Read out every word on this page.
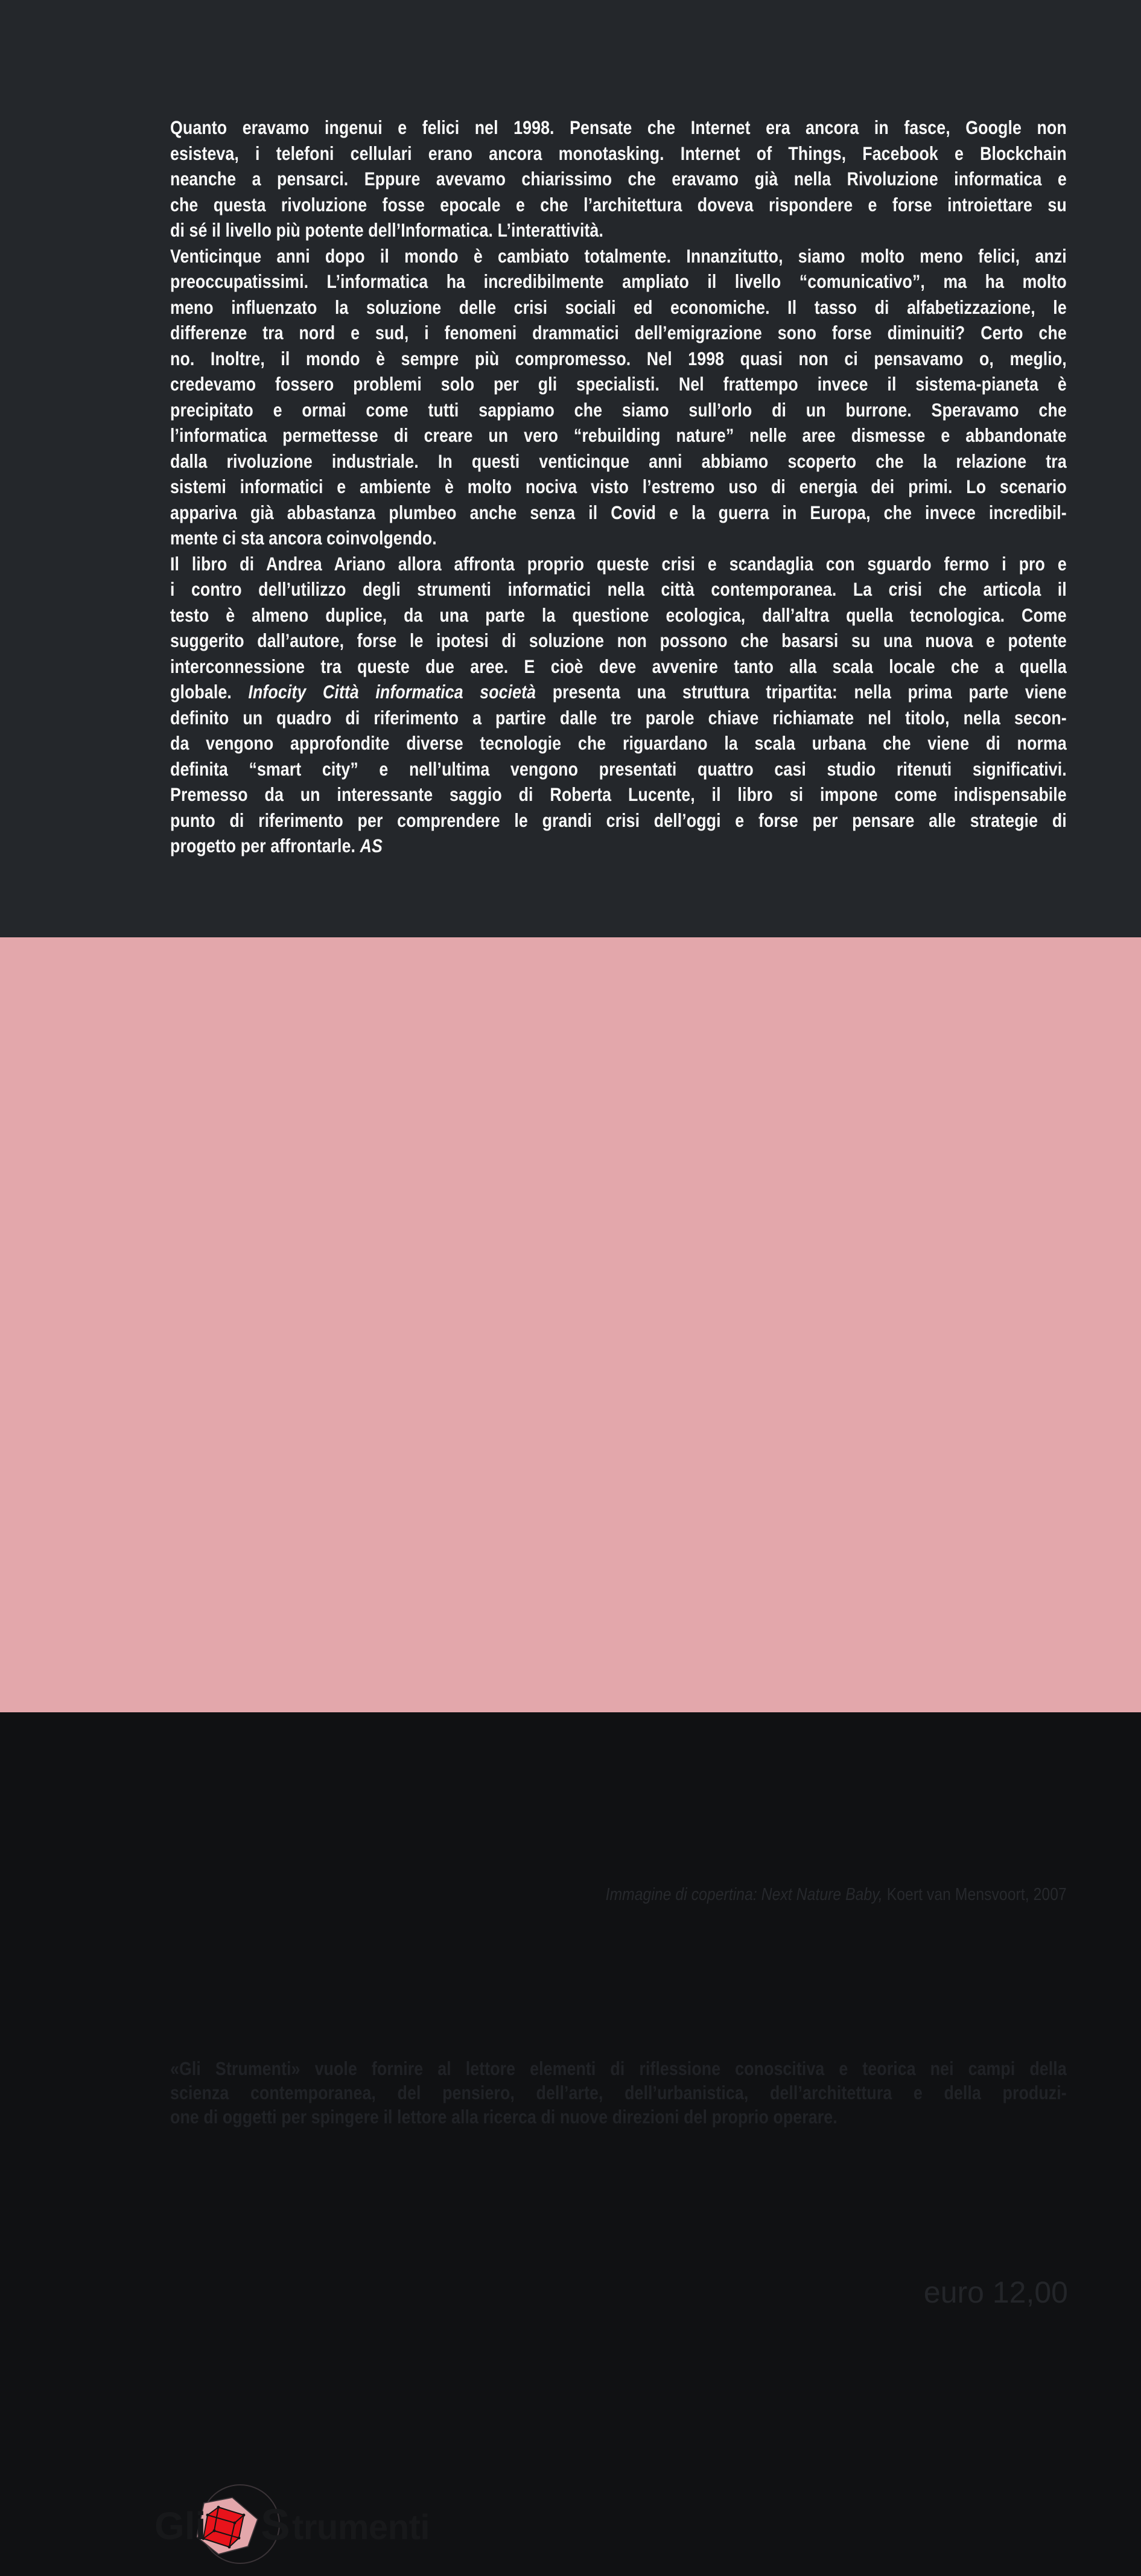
Quanto eravamo ingenui e felici nel 1998. Pensate che Internet era ancora in fasce, Google non
esisteva, i telefoni cellulari erano ancora monotasking. Internet of Things, Facebook e Blockchain
neanche a pensarci. Eppure avevamo chiarissimo che eravamo già nella Rivoluzione informatica e
che questa rivoluzione fosse epocale e che l’architettura doveva rispondere e forse introiettare su
di sé il livello più potente dell’Informatica. L’interattività.
Venticinque anni dopo il mondo è cambiato totalmente. Innanzitutto, siamo molto meno felici, anzi
preoccupatissimi. L’informatica ha incredibilmente ampliato il livello “comunicativo”, ma ha molto
meno influenzato la soluzione delle crisi sociali ed economiche. Il tasso di alfabetizzazione, le
differenze tra nord e sud, i fenomeni drammatici dell’emigrazione sono forse diminuiti? Certo che
no. Inoltre, il mondo è sempre più compromesso. Nel 1998 quasi non ci pensavamo o, meglio,
credevamo fossero problemi solo per gli specialisti. Nel frattempo invece il sistema-pianeta è
precipitato e ormai come tutti sappiamo che siamo sull’orlo di un burrone. Speravamo che
l’informatica permettesse di creare un vero “rebuilding nature” nelle aree dismesse e abbandonate
dalla rivoluzione industriale. In questi venticinque anni abbiamo scoperto che la relazione tra
sistemi informatici e ambiente è molto nociva visto l’estremo uso di energia dei primi. Lo scenario
appariva già abbastanza plumbeo anche senza il Covid e la guerra in Europa, che invece incredibil-
mente ci sta ancora coinvolgendo.
Il libro di Andrea Ariano allora affronta proprio queste crisi e scandaglia con sguardo fermo i pro e
i contro dell’utilizzo degli strumenti informatici nella città contemporanea. La crisi che articola il
testo è almeno duplice, da una parte la questione ecologica, dall’altra quella tecnologica. Come
suggerito dall’autore, forse le ipotesi di soluzione non possono che basarsi su una nuova e potente
interconnessione tra queste due aree. E cioè deve avvenire tanto alla scala locale che a quella
globale. Infocity Città informatica società presenta una struttura tripartita: nella prima parte viene
definito un quadro di riferimento a partire dalle tre parole chiave richiamate nel titolo, nella secon-
da vengono approfondite diverse tecnologie che riguardano la scala urbana che viene di norma
definita “smart city” e nell’ultima vengono presentati quattro casi studio ritenuti significativi.
Premesso da un interessante saggio di Roberta Lucente, il libro si impone come indispensabile
punto di riferimento per comprendere le grandi crisi dell’oggi e forse per pensare alle strategie di
progetto per affrontarle. AS
Immagine di copertina: Next Nature Baby, Koert van Mensvoort, 2007
«Gli Strumenti» vuole fornire al lettore elementi di riflessione conoscitiva e teorica nei campi della
scienza contemporanea, del pensiero, dell’arte, dell’urbanistica, dell’architettura e della produzi-
one di oggetti per spingere il lettore alla ricerca di nuove direzioni del proprio operare.
euro 12,00
Gli S trumenti
